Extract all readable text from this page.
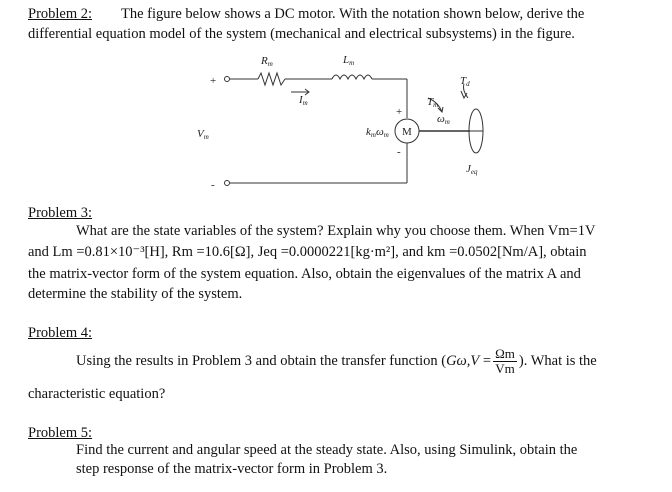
Problem 2: The figure below shows a DC motor. With the notation shown below, derive the
differential equation model of the system (mechanical and electrical subsystems) in the figure.
Rm	Lm
Im
Vm
+
-
+
-
kmωm M
Tm
ωm
Td
Jeq
Problem 3:
What are the state variables of the system? Explain why you choose them. When Vm=1V
and Lm =0.81×10⁻³[H], Rm =10.6[Ω], Jeq =0.0000221[kg·m²], and km =0.0502[Nm/A], obtain
the matrix-vector form of the system equation. Also, obtain the eigenvalues of the matrix A and
determine the stability of the system.
Problem 4:
Using the results in Problem 3 and obtain the transfer function ($G\omega,V = \frac{\Omega m}{Vm}$ ). What is the
characteristic equation?
Problem 5:
Find the current and angular speed at the steady state. Also, using Simulink, obtain the
step response of the matrix-vector form in Problem 3.
